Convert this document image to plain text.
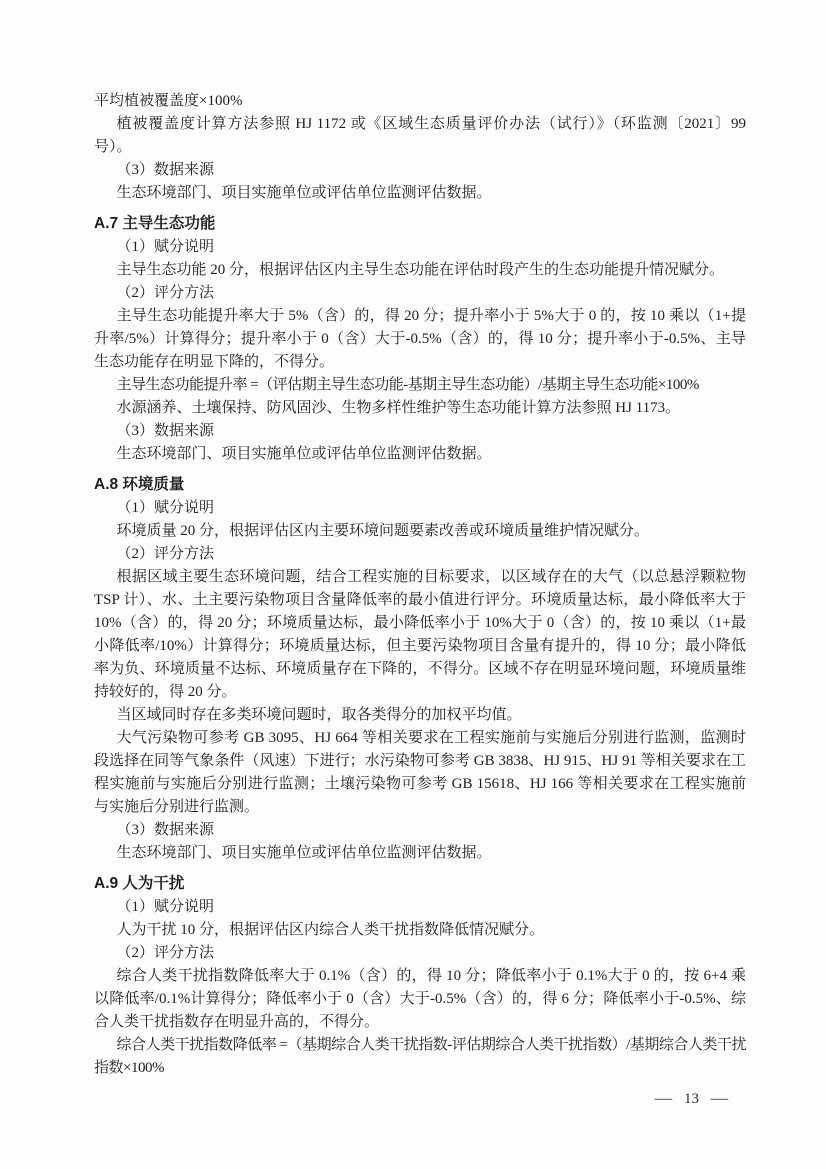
平均植被覆盖度×100%

植被覆盖度计算方法参照 HJ 1172 或《区域生态质量评价办法（试行）》（环监测〔2021〕99 号）。

（3）数据来源

生态环境部门、项目实施单位或评估单位监测评估数据。

A.7 主导生态功能

（1）赋分说明

主导生态功能 20 分，根据评估区内主导生态功能在评估时段产生的生态功能提升情况赋分。

（2）评分方法

主导生态功能提升率大于 5%（含）的，得 20 分；提升率小于 5%大于 0 的，按 10 乘以（1+提升率/5%）计算得分；提升率小于 0（含）大于-0.5%（含）的，得 10 分；提升率小于-0.5%、主导生态功能存在明显下降的，不得分。

主导生态功能提升率 =（评估期主导生态功能-基期主导生态功能）/基期主导生态功能×100%

水源涵养、土壤保持、防风固沙、生物多样性维护等生态功能计算方法参照 HJ 1173。

（3）数据来源

生态环境部门、项目实施单位或评估单位监测评估数据。

A.8 环境质量

（1）赋分说明

环境质量 20 分，根据评估区内主要环境问题要素改善或环境质量维护情况赋分。

（2）评分方法

根据区域主要生态环境问题，结合工程实施的目标要求，以区域存在的大气（以总悬浮颗粒物 TSP 计）、水、土主要污染物项目含量降低率的最小值进行评分。环境质量达标，最小降低率大于 10%（含）的，得 20 分；环境质量达标，最小降低率小于 10%大于 0（含）的，按 10 乘以（1+最小降低率/10%）计算得分；环境质量达标，但主要污染物项目含量有提升的，得 10 分；最小降低率为负、环境质量不达标、环境质量存在下降的，不得分。区域不存在明显环境问题，环境质量维持较好的，得 20 分。

当区域同时存在多类环境问题时，取各类得分的加权平均值。

大气污染物可参考 GB 3095、HJ 664 等相关要求在工程实施前与实施后分别进行监测，监测时段选择在同等气象条件（风速）下进行；水污染物可参考 GB 3838、HJ 915、HJ 91 等相关要求在工程实施前与实施后分别进行监测；土壤污染物可参考 GB 15618、HJ 166 等相关要求在工程实施前与实施后分别进行监测。

（3）数据来源

生态环境部门、项目实施单位或评估单位监测评估数据。

A.9 人为干扰

（1）赋分说明

人为干扰 10 分，根据评估区内综合人类干扰指数降低情况赋分。

（2）评分方法

综合人类干扰指数降低率大于 0.1%（含）的，得 10 分；降低率小于 0.1%大于 0 的，按 6+4 乘以降低率/0.1%计算得分；降低率小于 0（含）大于-0.5%（含）的，得 6 分；降低率小于-0.5%、综合人类干扰指数存在明显升高的，不得分。

综合人类干扰指数降低率 =（基期综合人类干扰指数-评估期综合人类干扰指数）/基期综合人类干扰指数×100%

— 13 —
